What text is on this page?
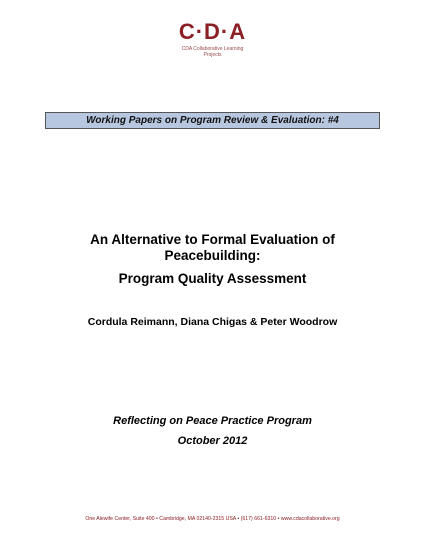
C·D·A
CDA Collaborative Learning Projects
Working Papers on Program Review & Evaluation: #4
An Alternative to Formal Evaluation of
Peacebuilding:
Program Quality Assessment
Cordula Reimann, Diana Chigas & Peter Woodrow
Reflecting on Peace Practice Program
October 2012
One Alewife Center, Suite 400 • Cambridge, MA 02140-2315 USA • (617) 661-6310 • www.cdacollaborative.org
